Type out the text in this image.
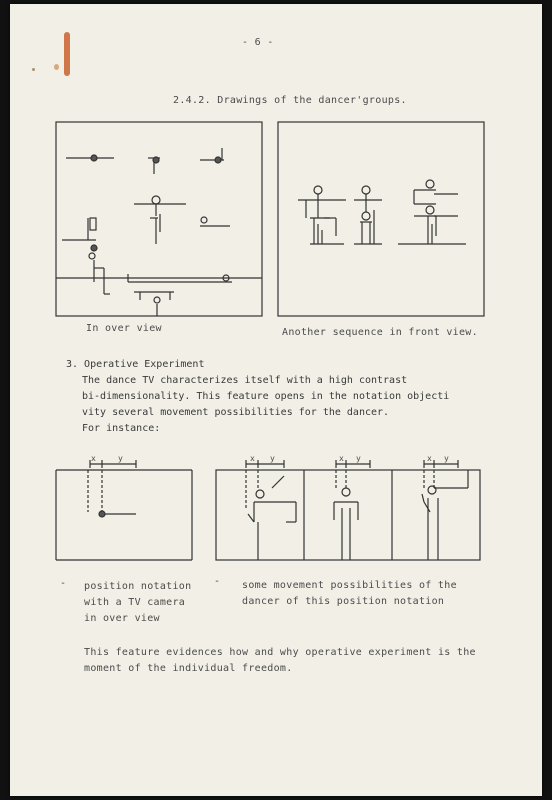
- 6 -
2.4.2. Drawings of the dancer'groups.
In over view	Another sequence in front view.
3. Operative Experiment
The dance TV characterizes itself with a high contrast
bi-dimensionality. This feature opens in the notation objecti
vity several movement possibilities for the dancer.
For instance:
x	y	x y	x y	x y
- position notation
with a TV camera
in over view
- some movement possibilities of the
dancer of this position notation
This feature evidences how and why operative experiment is the
moment of the individual freedom.
